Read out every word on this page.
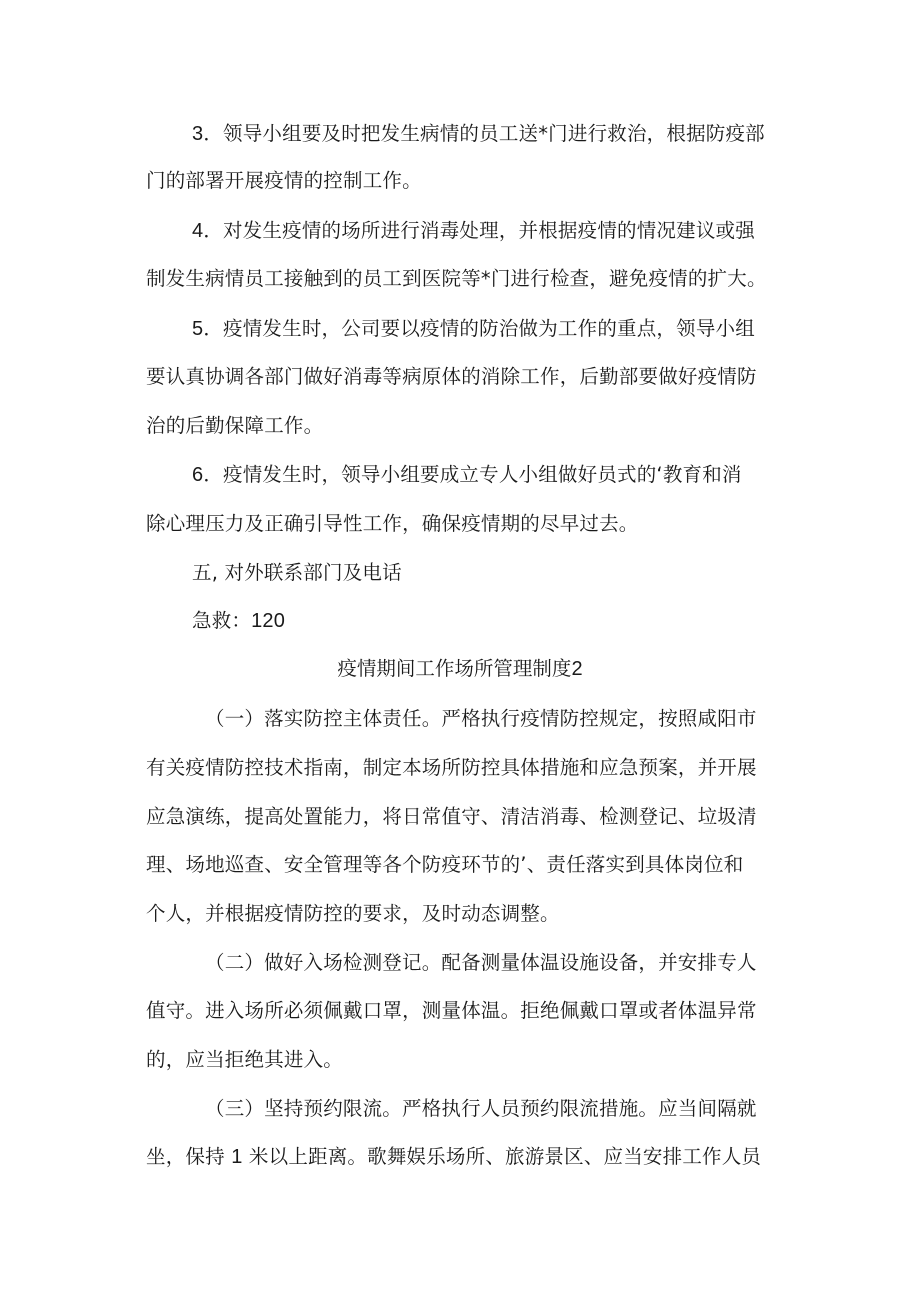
3．领导小组要及时把发生病情的员工送*门进行救治，根据防疫部
门的部署开展疫情的控制工作。
4．对发生疫情的场所进行消毒处理，并根据疫情的情况建议或强
制发生病情员工接触到的员工到医院等*门进行检查，避免疫情的扩大。
5．疫情发生时，公司要以疫情的防治做为工作的重点，领导小组
要认真协调各部门做好消毒等病原体的消除工作，后勤部要做好疫情防
治的后勤保障工作。
6．疫情发生时，领导小组要成立专人小组做好员式的‘教育和消
除心理压力及正确引导性工作，确保疫情期的尽早过去。
五, 对外联系部门及电话
急救：120
疫情期间工作场所管理制度2
（一）落实防控主体责任。严格执行疫情防控规定，按照咸阳市
有关疫情防控技术指南，制定本场所防控具体措施和应急预案，并开展
应急演练，提高处置能力，将日常值守、清洁消毒、检测登记、垃圾清
理、场地巡查、安全管理等各个防疫环节的’、责任落实到具体岗位和
个人，并根据疫情防控的要求，及时动态调整。
（二）做好入场检测登记。配备测量体温设施设备，并安排专人
值守。进入场所必须佩戴口罩，测量体温。拒绝佩戴口罩或者体温异常
的，应当拒绝其进入。
（三）坚持预约限流。严格执行人员预约限流措施。应当间隔就
坐，保持 1 米以上距离。歌舞娱乐场所、旅游景区、应当安排工作人员
